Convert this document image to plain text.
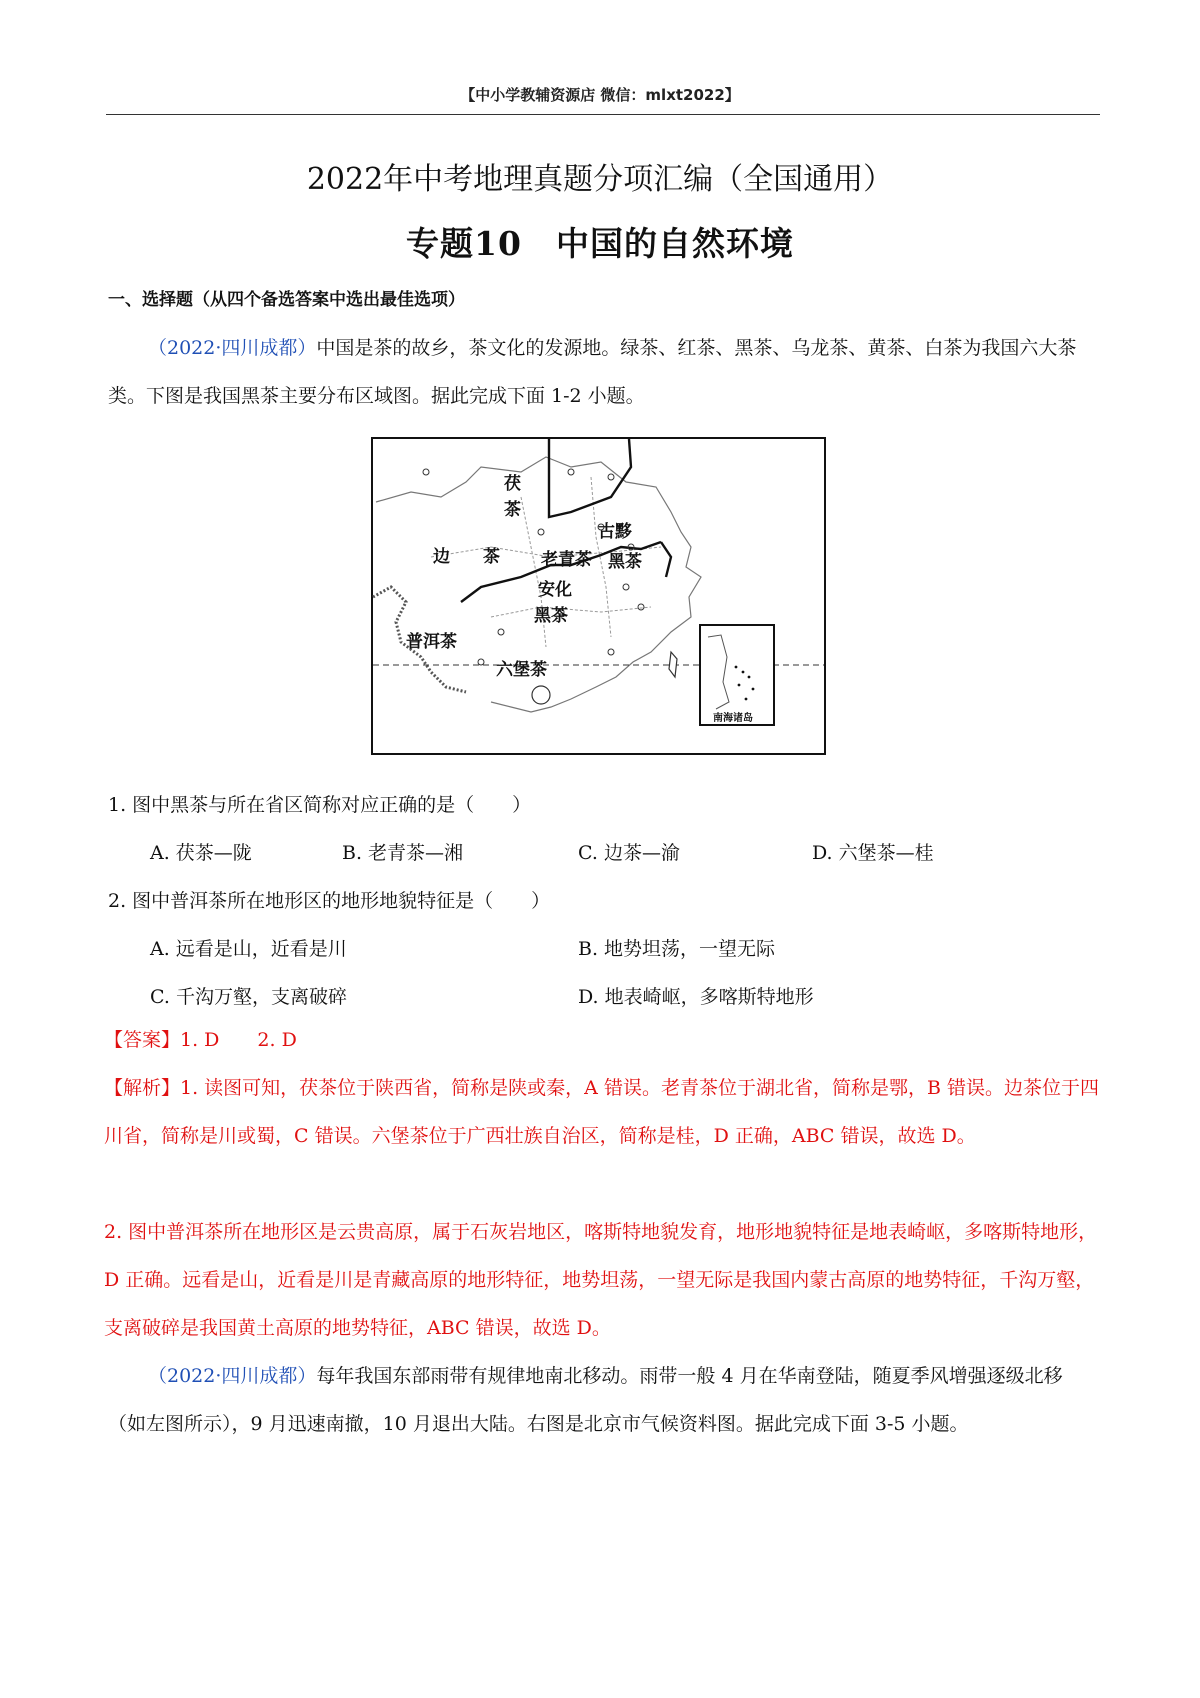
【中小学教辅资源店 微信：mlxt2022】
2022年中考地理真题分项汇编（全国通用）
专题10　中国的自然环境
一、选择题（从四个备选答案中选出最佳选项）
（2022·四川成都）中国是茶的故乡，茶文化的发源地。绿茶、红茶、黑茶、乌龙茶、黄茶、白茶为我国六大茶类。下图是我国黑茶主要分布区域图。据此完成下面 1-2 小题。
茯
茶
边 茶 老青茶
古黟
黑茶
安化
黑茶
普洱茶
六堡茶
南海诸岛
1. 图中黑茶与所在省区简称对应正确的是（　　）
A. 茯茶—陇	B. 老青茶—湘	C. 边茶—渝	D. 六堡茶—桂
2. 图中普洱茶所在地形区的地形地貌特征是（　　）
A. 远看是山，近看是川	B. 地势坦荡，一望无际
C. 千沟万壑，支离破碎	D. 地表崎岖，多喀斯特地形
【答案】1. D　　2. D
【解析】1. 读图可知，茯茶位于陕西省，简称是陕或秦，A 错误。老青茶位于湖北省，简称是鄂，B 错误。边茶位于四川省，简称是川或蜀，C 错误。六堡茶位于广西壮族自治区，简称是桂，D 正确，ABC 错误，故选 D。
2. 图中普洱茶所在地形区是云贵高原，属于石灰岩地区，喀斯特地貌发育，地形地貌特征是地表崎岖，多喀斯特地形，D 正确。远看是山，近看是川是青藏高原的地形特征，地势坦荡，一望无际是我国内蒙古高原的地势特征，千沟万壑，支离破碎是我国黄土高原的地势特征，ABC 错误，故选 D。
（2022·四川成都）每年我国东部雨带有规律地南北移动。雨带一般 4 月在华南登陆，随夏季风增强逐级北移（如左图所示），9 月迅速南撤，10 月退出大陆。右图是北京市气候资料图。据此完成下面 3-5 小题。
